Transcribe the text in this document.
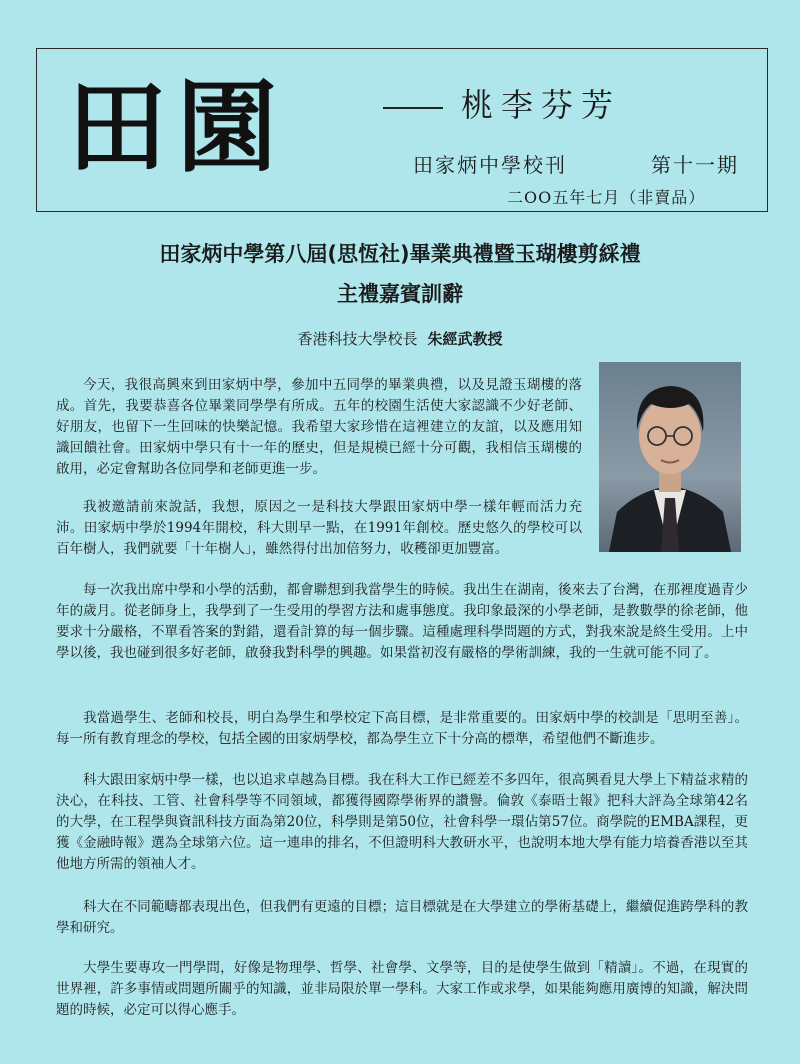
田園	桃李芬芳
田家炳中學校刊	第十一期
二OO五年七月（非賣品）
田家炳中學第八屆(思恆社)畢業典禮暨玉瑚樓剪綵禮
主禮嘉賓訓辭
香港科技大學校長 朱經武教授

今天，我很高興來到田家炳中學，參加中五同學的畢業典禮，以及見證玉瑚樓的落成。首先，我要恭喜各位畢業同學學有所成。五年的校園生活使大家認識不少好老師、好朋友，也留下一生回味的快樂記憶。我希望大家珍惜在這裡建立的友誼，以及應用知識回饋社會。田家炳中學只有十一年的歷史，但是規模已經十分可觀，我相信玉瑚樓的啟用，必定會幫助各位同學和老師更進一步。

我被邀請前來說話，我想，原因之一是科技大學跟田家炳中學一樣年輕而活力充沛。田家炳中學於1994年開校，科大則早一點，在1991年創校。歷史悠久的學校可以百年樹人，我們就要「十年樹人」，雖然得付出加倍努力，收穫卻更加豐富。

每一次我出席中學和小學的活動，都會聯想到我當學生的時候。我出生在湖南，後來去了台灣，在那裡度過青少年的歲月。從老師身上，我學到了一生受用的學習方法和處事態度。我印象最深的小學老師，是教數學的徐老師，他要求十分嚴格，不單看答案的對錯，還看計算的每一個步驟。這種處理科學問題的方式，對我來說是終生受用。上中學以後，我也碰到很多好老師，啟發我對科學的興趣。如果當初沒有嚴格的學術訓練，我的一生就可能不同了。

我當過學生、老師和校長，明白為學生和學校定下高目標，是非常重要的。田家炳中學的校訓是「思明至善」。每一所有教育理念的學校，包括全國的田家炳學校，都為學生立下十分高的標準，希望他們不斷進步。

科大跟田家炳中學一樣，也以追求卓越為目標。我在科大工作已經差不多四年，很高興看見大學上下精益求精的決心，在科技、工管、社會科學等不同領域，都獲得國際學術界的讚譽。倫敦《泰晤士報》把科大評為全球第42名的大學，在工程學與資訊科技方面為第20位，科學則是第50位，社會科學一環佔第57位。商學院的EMBA課程，更獲《金融時報》選為全球第六位。這一連串的排名，不但證明科大教研水平，也說明本地大學有能力培養香港以至其他地方所需的領袖人才。

科大在不同範疇都表現出色，但我們有更遠的目標；這目標就是在大學建立的學術基礎上，繼續促進跨學科的教學和研究。

大學生要專攻一門學問，好像是物理學、哲學、社會學、文學等，目的是使學生做到「精讀」。不過，在現實的世界裡，許多事情或問題所關乎的知識，並非局限於單一學科。大家工作或求學，如果能夠應用廣博的知識，解決問題的時候，必定可以得心應手。
